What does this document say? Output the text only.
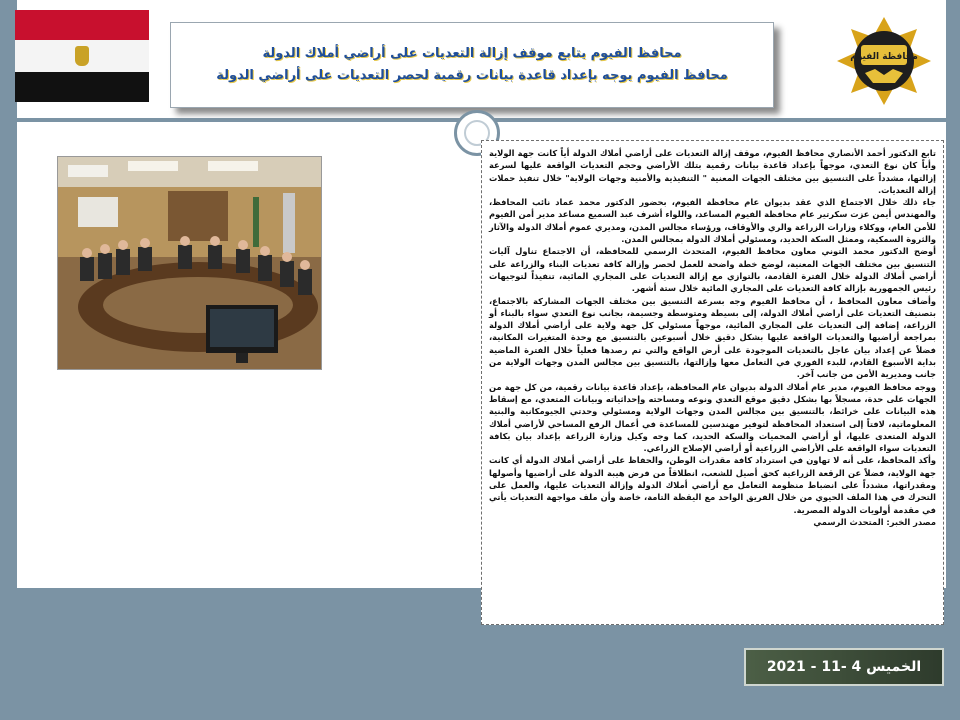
محافظ الفيوم يتابع موقف إزالة التعديات على أراضي أملاك الدولة
محافظ الفيوم يوجه بإعداد قاعدة بيانات رقمية لحصر التعديات على أراضي الدولة
محافظة الفيوم

تابع الدكتور أحمد الأنصاري محافظ الفيوم، موقف إزالة التعديات على أراضي أملاك الدولة أياً كانت جهة الولاية وأياً كان نوع التعدي، موجهاً بإعداد قاعدة بيانات رقمية بتلك الأراضي وحجم التعديات الواقعة عليها لسرعة إزالتها، مشدداً على التنسيق بين مختلف الجهات المعنية " التنفيذية والأمنية وجهات الولاية" خلال تنفيذ حملات إزالة التعديات.

جاء ذلك خلال الاجتماع الذي عقد بديوان عام محافظة الفيوم، بحضور الدكتور محمد عماد نائب المحافظ، والمهندس أيمن عزت سكرتير عام محافظة الفيوم المساعد، واللواء أشرف عبد السميع مساعد مدير أمن الفيوم للأمن العام، ووكلاء وزارات الزراعة والري والأوقاف، ورؤساء مجالس المدن، ومديري عموم أملاك الدولة والآثار والثروة السمكية، وممثل السكة الحديد، ومسئولي أملاك الدولة بمجالس المدن.

أوضح الدكتور محمد التوني معاون محافظ الفيوم، المتحدث الرسمي للمحافظة، أن الاجتماع تناول آليات التنسيق بين مختلف الجهات المعنية، لوضع خطة واضحة للعمل لحصر وإزالة كافة تعديات البناء والزراعة على أراضي أملاك الدولة خلال الفترة القادمة، بالتوازي مع إزالة التعديات على المجاري المائية، تنفيذاً لتوجيهات رئيس الجمهورية بإزالة كافة التعديات على المجاري المائية خلال ستة أشهر.

وأضاف معاون المحافظ ، أن محافظ الفيوم وجه بسرعة التنسيق بين مختلف الجهات المشاركة بالاجتماع، بتصنيف التعديات على أراضي أملاك الدولة، إلى بسيطة ومتوسطة وجسيمة، بجانب نوع التعدي سواء بالبناء أو الزراعة، إضافة إلى التعديات على المجاري المائية، موجهاً مسئولي كل جهة ولاية على أراضي أملاك الدولة بمراجعة أراضيها والتعديات الواقعة عليها بشكل دقيق خلال أسبوعين بالتنسيق مع وحدة المتغيرات المكانية، فضلاً عن إعداد بيان عاجل بالتعديات الموجودة على أرض الواقع والتي تم رصدها فعلياً خلال الفترة الماضية بداية الأسبوع القادم، للبدء الفوري في التعامل معها وإزالتها، بالتنسيق بين مجالس المدن وجهات الولاية من جانب ومديرية الأمن من جانب آخر.

ووجه محافظ الفيوم، مدير عام أملاك الدولة بديوان عام المحافظة، بإعداد قاعدة بيانات رقمية، من كل جهة من الجهات على حدة، مسجلاً بها بشكل دقيق موقع التعدي ونوعه ومساحته وإحداثياته وبيانات المتعدي، مع إسقاط هذه البيانات على خرائط، بالتنسيق بين مجالس المدن وجهات الولاية ومسئولي وحدتي الجيومكانية والبنية المعلوماتية، لافتاً إلى استعداد المحافظة لتوفير مهندسين للمساعدة في أعمال الرفع المساحي لأراضي أملاك الدولة المتعدى عليها، أو أراضي المحميات والسكة الحديد، كما وجه وكيل وزارة الزراعة بإعداد بيان بكافة التعديات سواء الواقعة على الأراضي الزراعية أو أراضي الإصلاح الزراعي.

وأكد المحافظ، على أنه لا تهاون في استرداد كافة مقدرات الوطن، والحفاظ على أراضي أملاك الدولة أي كانت جهة الولاية، فضلاً عن الرقعة الزراعية كحق أصيل للشعب، انطلاقاً من فرض هيبة الدولة على أراضيها وأصولها ومقدراتها، مشدداً على انضباط منظومة التعامل مع أراضي أملاك الدولة وإزالة التعديات عليها، والعمل على التحرك في هذا الملف الحيوي من خلال الفريق الواحد مع اليقظة التامة، خاصة وأن ملف مواجهة التعديات يأتي في مقدمة أولويات الدولة المصرية.

مصدر الخبر: المتحدث الرسمي

الخميس 4 -11 - 2021
